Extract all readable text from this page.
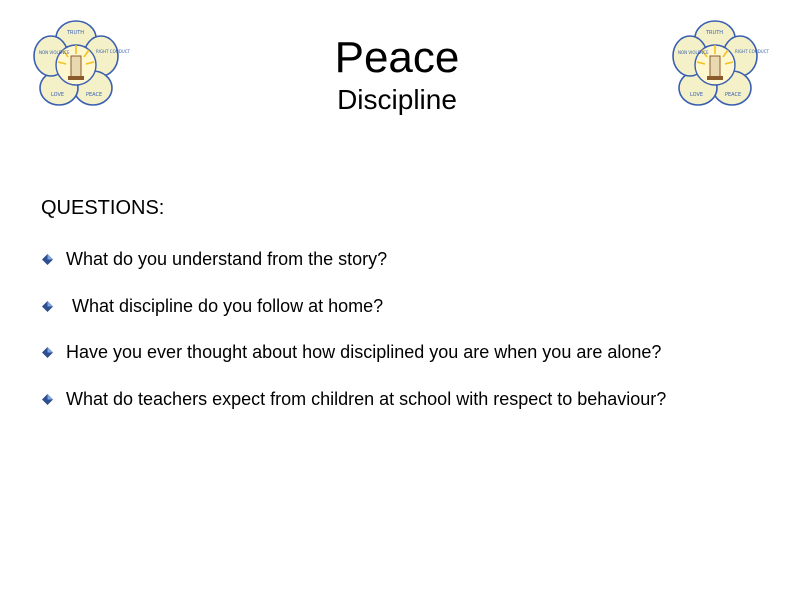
TRUTH
RIGHT CONDUCT
PEACE
LOVE
NON VIOLENCE
TRUTH
RIGHT CONDUCT
PEACE
LOVE
NON VIOLENCE
Peace
Discipline
QUESTIONS:
What do you understand from the story?
What discipline do you follow at home?
Have you ever thought about how disciplined you are when you are alone?
What do teachers expect from children at school with respect to behaviour?
